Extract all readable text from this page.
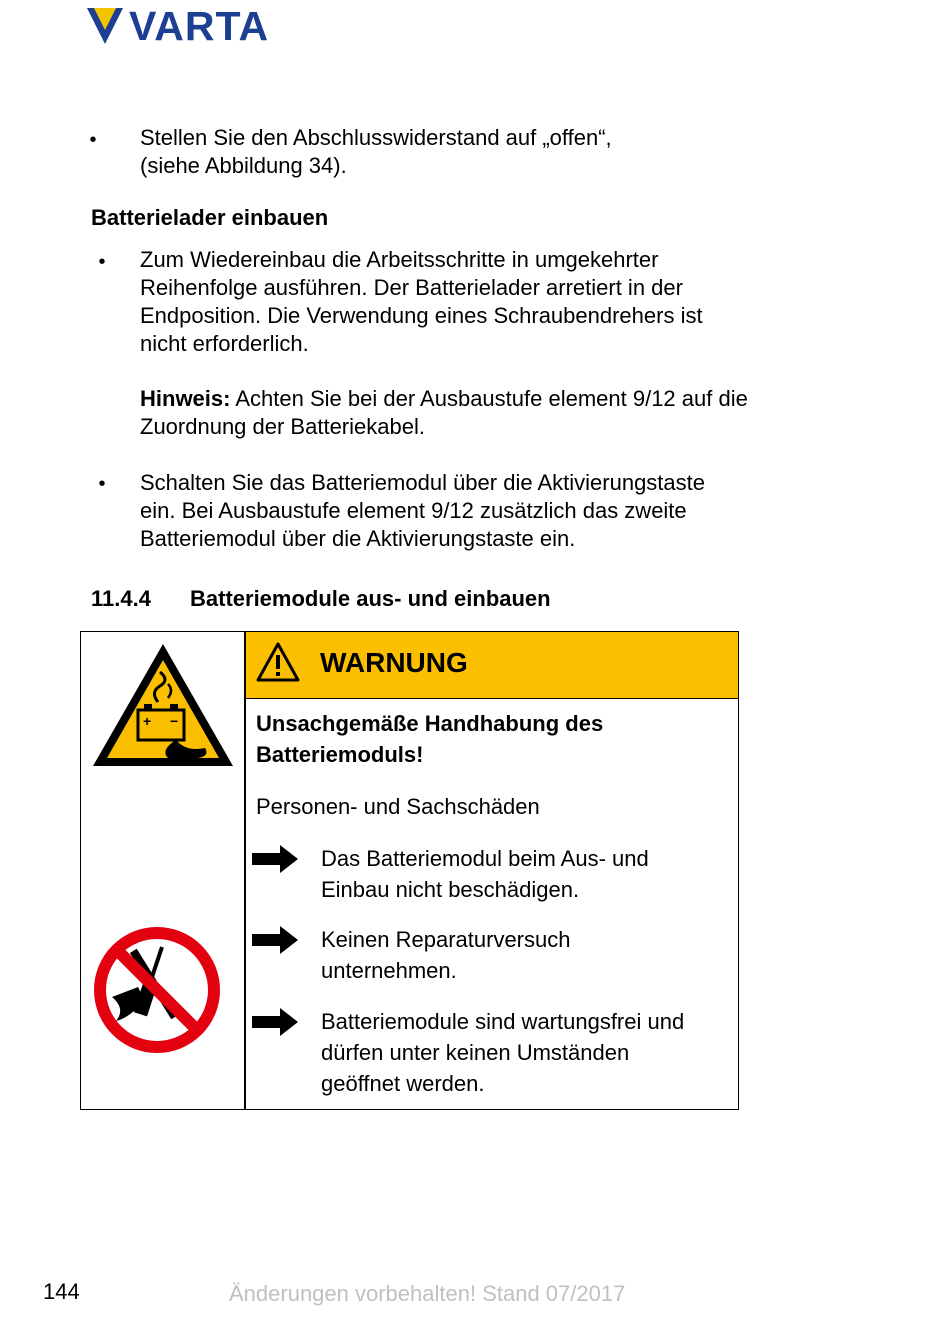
VARTA
• Stellen Sie den Abschlusswiderstand auf „offen“,
(siehe Abbildung 34).
Batterielader einbauen
• Zum Wiedereinbau die Arbeitsschritte in umgekehrter
Reihenfolge ausführen. Der Batterielader arretiert in der
Endposition. Die Verwendung eines Schraubendrehers ist
nicht erforderlich.
Hinweis: Achten Sie bei der Ausbaustufe element 9/12 auf die
Zuordnung der Batteriekabel.
• Schalten Sie das Batteriemodul über die Aktivierungstaste
ein. Bei Ausbaustufe element 9/12 zusätzlich das zweite
Batteriemodul über die Aktivierungstaste ein.
11.4.4 Batteriemodule aus- und einbauen
+ −
WARNUNG
Unsachgemäße Handhabung des
Batteriemoduls!
Personen- und Sachschäden
Das Batteriemodul beim Aus- und
Einbau nicht beschädigen.
Keinen Reparaturversuch
unternehmen.
Batteriemodule sind wartungsfrei und
dürfen unter keinen Umständen
geöffnet werden.
144	Änderungen vorbehalten! Stand 07/2017
